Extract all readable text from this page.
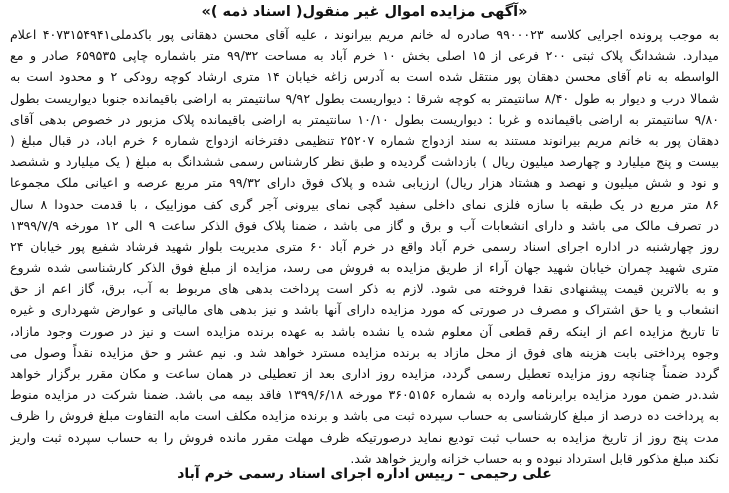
«آگهی مزایده اموال غیر منقول( اسناد ذمه )»
به موجب پرونده اجرایی کلاسه ۹۹۰۰۰۲۳ صادره له خانم مریم بیرانوند ، علیه آقای محسن دهقانی پور باکدملی۴۰۷۳۱۵۴۹۴۱ اعلام
میدارد. ششدانگ پلاک ثبتی ۲۰۰ فرعی از ۱۵ اصلی بخش ۱۰ خرم آباد به مساحت ۹۹/۳۲ متر باشماره چاپی ۶۵۹۵۳۵ صادر و مع
الواسطه به نام آقای محسن دهقان پور منتقل شده است به آدرس زاغه خیابان ۱۴ متری ارشاد کوچه رودکی ۲ و محدود است به
شمالا درب و دیوار به طول ۸/۴۰ سانتیمتر به کوچه شرقا : دیواریست بطول ۹/۹۲ سانتیمتر به اراضی باقیمانده جنوبا دیواریست بطول
۹/۸۰ سانتیمتر به اراضی باقیمانده و غربا : دیواریست بطول ۱۰/۱۰ سانتیمتر به اراضی باقیمانده پلاک مزبور در خصوص بدهی آقای
دهقان پور به خانم مریم بیرانوند مستند به سند ازدواج شماره ۲۵۲۰۷ تنظیمی دفترخانه ازدواج شماره ۶ خرم اباد، در قبال مبلغ (
بیست و پنج میلیارد و چهارصد میلیون ریال ) بازداشت گردیده و طبق نظر کارشناس رسمی ششدانگ به مبلغ ( یک میلیارد و ششصد
و نود و شش میلیون و نهصد و هشتاد هزار ریال) ارزیابی شده و پلاک فوق دارای ۹۹/۳۲ متر مربع عرصه و اعیانی ملک مجموعا
۸۶ متر مربع در یک طبقه با سازه فلزی نمای داخلی سفید گچی نمای بیرونی آجر گری کف موزاییک ، با قدمت حدودا ۸ سال
در تصرف مالک می باشد و دارای انشعابات آب و برق و گاز می باشد ، ضمنا پلاک فوق الذکر ساعت ۹ الی ۱۲ مورخه ۱۳۹۹/۷/۹
روز چهارشنبه در اداره اجرای اسناد رسمی خرم آباد واقع در خرم آباد ۶۰ متری مدیریت بلوار شهید فرشاد شفیع پور خیابان ۲۴
متری شهید چمران خیابان شهید جهان آراء از طریق مزایده به فروش می رسد، مزایده از مبلغ فوق الذکر کارشناسی شده شروع
و به بالاترین قیمت پیشنهادی نقدا فروخته می شود. لازم به ذکر است پرداخت بدهی های مربوط به آب، برق، گاز اعم از حق
انشعاب و یا حق اشتراک و مصرف در صورتی که مورد مزایده دارای آنها باشد و نیز بدهی های مالیاتی و عوارض شهرداری و غیره
تا تاریخ مزایده اعم از اینکه رقم قطعی آن معلوم شده یا نشده باشد به عهده برنده مزایده است و نیز در صورت وجود مازاد،
وجوه پرداختی بابت هزینه های فوق از محل مازاد به برنده مزایده مسترد خواهد شد و. نیم عشر و حق مزایده نقداً وصول می
گردد ضمناً چنانچه روز مزایده تعطیل رسمی گردد، مزایده روز اداری بعد از تعطیلی در همان ساعت و مکان مقرر برگزار خواهد
شد.در ضمن مورد مزایده برابرنامه وارده به شماره ۳۶۰۵۱۵۶ مورخه ۱۳۹۹/۶/۱۸ فاقد بیمه می باشد. ضمنا شرکت در مزایده منوط
به پرداخت ده درصد از مبلغ کارشناسی به حساب سپرده ثبت می باشد و برنده مزایده مکلف است مابه التفاوت مبلغ فروش را ظرف
مدت پنج روز از تاریخ مزایده به حساب ثبت تودیع نماید درصورتیکه ظرف مهلت مقرر مانده فروش را به حساب سپرده ثبت واریز
نکند مبلغ مذکور قابل استرداد نبوده و به حساب خزانه واریز خواهد شد.
علی رحیمی – رییس اداره اجرای اسناد رسمی خرم آباد
